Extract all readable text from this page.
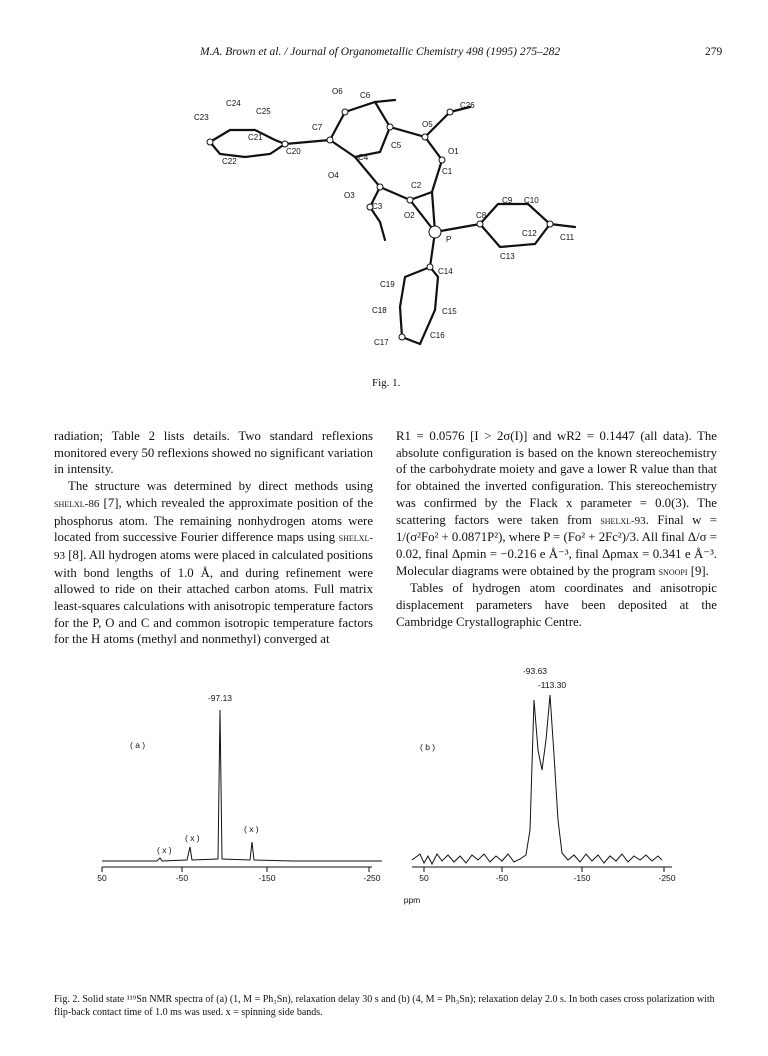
M.A. Brown et al. / Journal of Organometallic Chemistry 498 (1995) 275–282	279
O6 C6
C24
C25
C23
C26
C7	O5
C21
C5
O1
C20
C22	C4
C1
O4
C2
O3
C9 C10
C3
O2	C8
C12
P	C11
C13
C14
C19
C18	C15
C16
C17
Fig. 1.

radiation; Table 2 lists details. Two standard reflexions monitored every 50 reflexions showed no significant variation in intensity.

The structure was determined by direct methods using shelxl-86 [7], which revealed the approximate position of the phosphorus atom. The remaining nonhydrogen atoms were located from successive Fourier difference maps using shelxl-93 [8]. All hydrogen atoms were placed in calculated positions with bond lengths of 1.0 Å, and during refinement were allowed to ride on their attached carbon atoms. Full matrix least-squares calculations with anisotropic temperature factors for the P, O and C and common isotropic temperature factors for the H atoms (methyl and nonmethyl) converged at

R1 = 0.0576 [I > 2σ(I)] and wR2 = 0.1447 (all data). The absolute configuration is based on the known stereochemistry of the carbohydrate moiety and gave a lower R value than that for obtained the inverted configuration. This stereochemistry was confirmed by the Flack x parameter = 0.0(3). The scattering factors were taken from shelxl-93. Final w = 1/(σ²Fo² + 0.0871P²), where P = (Fo² + 2Fc²)/3. All final Δ/σ = 0.02, final Δρmin = −0.216 e Å⁻³, final Δρmax = 0.341 e Å⁻³. Molecular diagrams were obtained by the program snoopi [9].

Tables of hydrogen atom coordinates and anisotropic displacement parameters have been deposited at the Cambridge Crystallographic Centre.

-97.13
( a )
( x )
( x )
( x )
50	-50	-150	-250
-93.63
-113.30
( b )
50	-50	-150	-250
ppm
Fig. 2. Solid state ¹¹⁹Sn NMR spectra of (a) (1, M = Ph₃Sn), relaxation delay 30 s and (b) (4, M = Ph₃Sn); relaxation delay 2.0 s. In both cases cross polarization with flip-back contact time of 1.0 ms was used. x = spinning side bands.
